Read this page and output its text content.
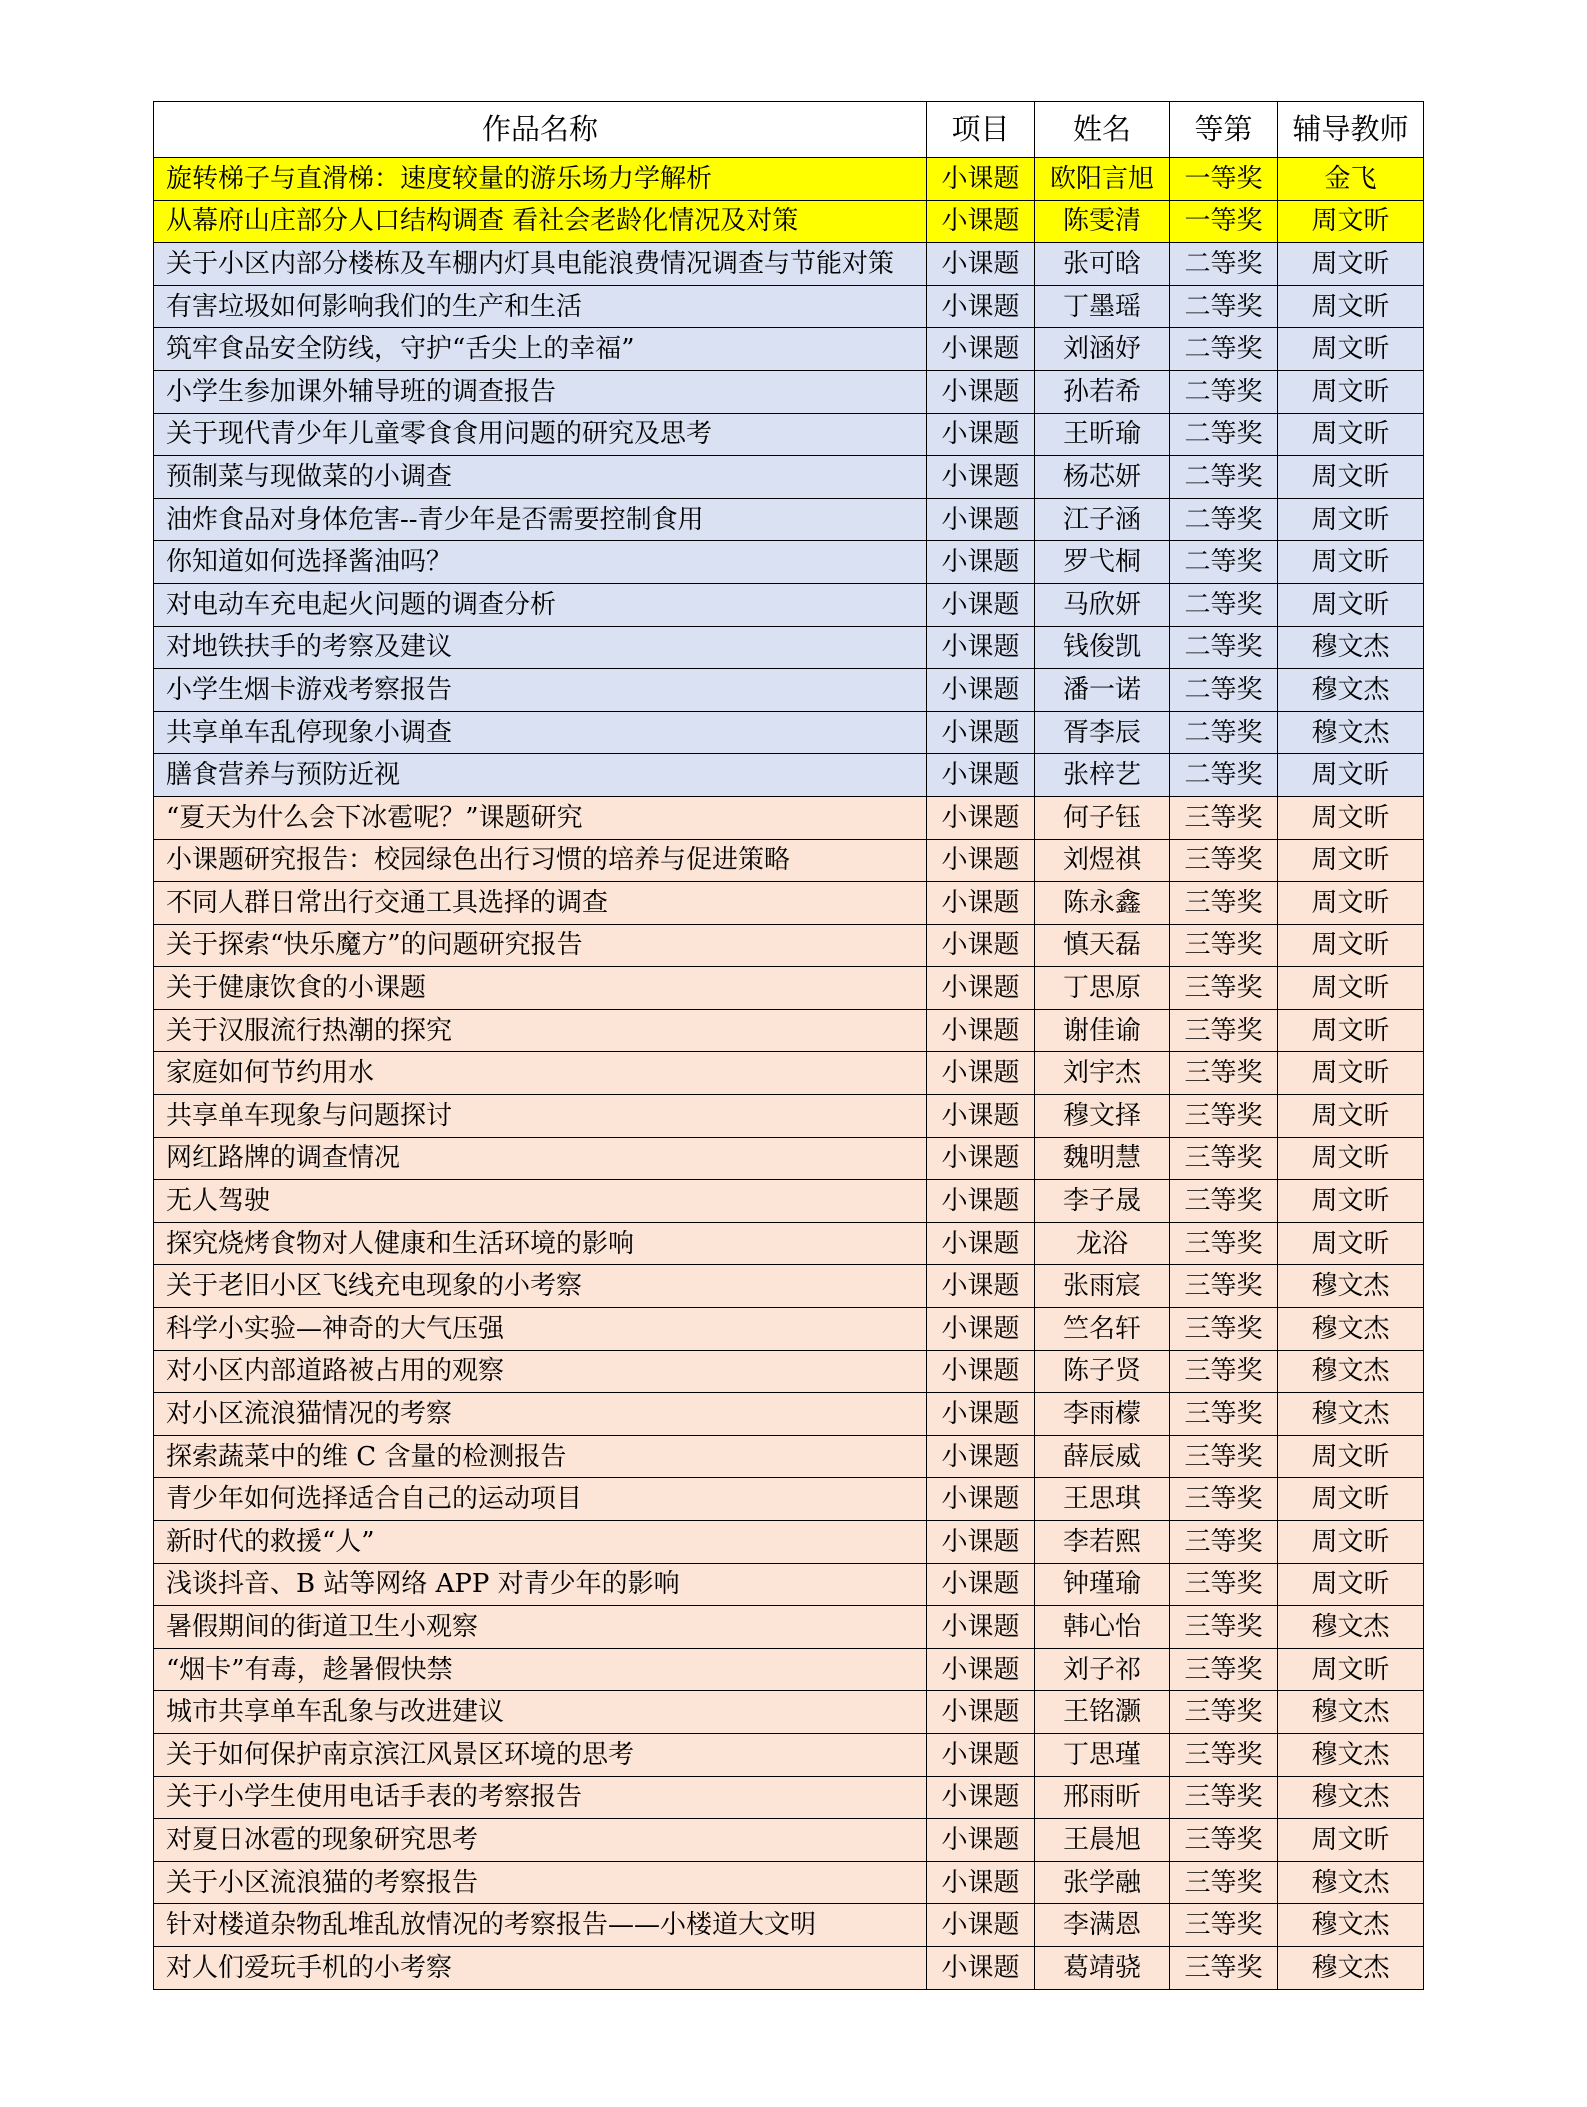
作品名称	项目	姓名	等第	辅导教师
旋转梯子与直滑梯：速度较量的游乐场力学解析	小课题	欧阳言旭	一等奖	金飞
从幕府山庄部分人口结构调查 看社会老龄化情况及对策	小课题	陈雯清	一等奖	周文昕
关于小区内部分楼栋及车棚内灯具电能浪费情况调查与节能对策	小课题	张可晗	二等奖	周文昕
有害垃圾如何影响我们的生产和生活	小课题	丁墨瑶	二等奖	周文昕
筑牢食品安全防线，守护“舌尖上的幸福”	小课题	刘涵妤	二等奖	周文昕
小学生参加课外辅导班的调查报告	小课题	孙若希	二等奖	周文昕
关于现代青少年儿童零食食用问题的研究及思考	小课题	王昕瑜	二等奖	周文昕
预制菜与现做菜的小调查	小课题	杨芯妍	二等奖	周文昕
油炸食品对身体危害--青少年是否需要控制食用	小课题	江子涵	二等奖	周文昕
你知道如何选择酱油吗？	小课题	罗弋桐	二等奖	周文昕
对电动车充电起火问题的调查分析	小课题	马欣妍	二等奖	周文昕
对地铁扶手的考察及建议	小课题	钱俊凯	二等奖	穆文杰
小学生烟卡游戏考察报告	小课题	潘一诺	二等奖	穆文杰
共享单车乱停现象小调查	小课题	胥李辰	二等奖	穆文杰
膳食营养与预防近视	小课题	张梓艺	二等奖	周文昕
“夏天为什么会下冰雹呢？”课题研究	小课题	何子钰	三等奖	周文昕
小课题研究报告：校园绿色出行习惯的培养与促进策略	小课题	刘煜祺	三等奖	周文昕
不同人群日常出行交通工具选择的调查	小课题	陈永鑫	三等奖	周文昕
关于探索“快乐魔方”的问题研究报告	小课题	慎天磊	三等奖	周文昕
关于健康饮食的小课题	小课题	丁思原	三等奖	周文昕
关于汉服流行热潮的探究	小课题	谢佳谕	三等奖	周文昕
家庭如何节约用水	小课题	刘宇杰	三等奖	周文昕
共享单车现象与问题探讨	小课题	穆文择	三等奖	周文昕
网红路牌的调查情况	小课题	魏明慧	三等奖	周文昕
无人驾驶	小课题	李子晟	三等奖	周文昕
探究烧烤食物对人健康和生活环境的影响	小课题	龙浴	三等奖	周文昕
关于老旧小区飞线充电现象的小考察	小课题	张雨宸	三等奖	穆文杰
科学小实验—神奇的大气压强	小课题	竺名轩	三等奖	穆文杰
对小区内部道路被占用的观察	小课题	陈子贤	三等奖	穆文杰
对小区流浪猫情况的考察	小课题	李雨檬	三等奖	穆文杰
探索蔬菜中的维 C 含量的检测报告	小课题	薛辰威	三等奖	周文昕
青少年如何选择适合自己的运动项目	小课题	王思琪	三等奖	周文昕
新时代的救援“人”	小课题	李若熙	三等奖	周文昕
浅谈抖音、B 站等网络 APP 对青少年的影响	小课题	钟瑾瑜	三等奖	周文昕
暑假期间的街道卫生小观察	小课题	韩心怡	三等奖	穆文杰
“烟卡”有毒，趁暑假快禁	小课题	刘子祁	三等奖	周文昕
城市共享单车乱象与改进建议	小课题	王铭灏	三等奖	穆文杰
关于如何保护南京滨江风景区环境的思考	小课题	丁思瑾	三等奖	穆文杰
关于小学生使用电话手表的考察报告	小课题	邢雨昕	三等奖	穆文杰
对夏日冰雹的现象研究思考	小课题	王晨旭	三等奖	周文昕
关于小区流浪猫的考察报告	小课题	张学融	三等奖	穆文杰
针对楼道杂物乱堆乱放情况的考察报告——小楼道大文明	小课题	李满恩	三等奖	穆文杰
对人们爱玩手机的小考察	小课题	葛靖骁	三等奖	穆文杰
